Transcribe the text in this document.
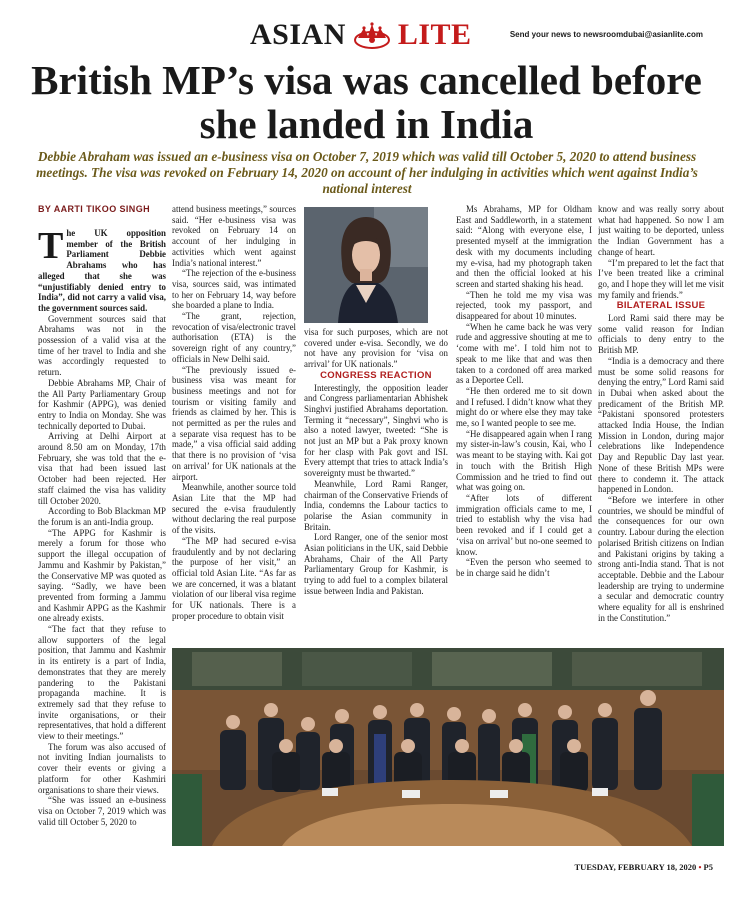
ASIAN LITE	Send your news to newsroomdubai@asianlite.com
British MP’s visa was cancelled before she landed in India

Debbie Abraham was issued an e-business visa on October 7, 2019 which was valid till October 5, 2020 to attend business meetings. The visa was revoked on February 14, 2020 on account of her indulging in activities which went against India’s national interest

BY AARTI TIKOO SINGH

The UK opposition member of the British Parliament Debbie Abrahams who has alleged that she was “unjustifiably denied entry to India”, did not carry a valid visa, the government sources said.

Government sources said that Abrahams was not in the possession of a valid visa at the time of her travel to India and she was accordingly requested to return.

Debbie Abrahams MP, Chair of the All Party Parliamentary Group for Kashmir (APPG), was denied entry to India on Monday. She was technically deported to Dubai.

Arriving at Delhi Airport at around 8.50 am on Monday, 17th February, she was told that the e-visa that had been issued last October had been rejected. Her staff claimed the visa has validity till October 2020.

According to Bob Blackman MP the forum is an anti-India group.

“The APPG for Kashmir is merely a forum for those who support the illegal occupation of Jammu and Kashmir by Pakistan,” the Conservative MP was quoted as saying. “Sadly, we have been prevented from forming a Jammu and Kashmir APPG as the Kashmir one already exists.

“The fact that they refuse to allow supporters of the legal position, that Jammu and Kashmir in its entirety is a part of India, demonstrates that they are merely pandering to the Pakistani propaganda machine. It is extremely sad that they refuse to invite organisations, or their representatives, that hold a different view to their meetings.”

The forum was also accused of not inviting Indian journalists to cover their events or giving a platform for other Kashmiri organisations to share their views.

“She was issued an e-business visa on October 7, 2019 which was valid till October 5, 2020 to

attend business meetings,” sources said. “Her e-business visa was revoked on February 14 on account of her indulging in activities which went against India’s national interest.”

“The rejection of the e-business visa, sources said, was intimated to her on February 14, way before she boarded a plane to India.

“The grant, rejection, revocation of visa/electronic travel authorisation (ETA) is the sovereign right of any country,” officials in New Delhi said.

“The previously issued e-business visa was meant for business meetings and not for tourism or visiting family and friends as claimed by her. This is not permitted as per the rules and a separate visa request has to be made,” a visa official said adding that there is no provision of ‘visa on arrival’ for UK nationals at the airport.

Meanwhile, another source told Asian Lite that the MP had secured the e-visa fraudulently without declaring the real purpose of the visits.

“The MP had secured e-visa fraudulently and by not declaring the purpose of her visit,” an official told Asian Lite. “As far as we are concerned, it was a blatant violation of our liberal visa regime for UK nationals. There is a proper procedure to obtain visit

visa for such purposes, which are not covered under e-visa. Secondly, we do not have any provision for ‘visa on arrival’ for UK nationals.”

CONGRESS REACTION

Interestingly, the opposition leader and Congress parliamentarian Abhishek Singhvi justified Abrahams deportation. Terming it “necessary”, Singhvi who is also a noted lawyer, tweeted: “She is not just an MP but a Pak proxy known for her clasp with Pak govt and ISI. Every attempt that tries to attack India’s sovereignty must be thwarted.”

Meanwhile, Lord Rami Ranger, chairman of the Conservative Friends of India, condemns the Labour tactics to polarise the Asian community in Britain.

Lord Ranger, one of the senior most Asian politicians in the UK, said Debbie Abrahams, Chair of the All Party Parliamentary Group for Kashmir, is trying to add fuel to a complex bilateral issue between India and Pakistan.

Ms Abrahams, MP for Oldham East and Saddleworth, in a statement said: “Along with everyone else, I presented myself at the immigration desk with my documents including my e-visa, had my photograph taken and then the official looked at his screen and started shaking his head.

“Then he told me my visa was rejected, took my passport, and disappeared for about 10 minutes.

“When he came back he was very rude and aggressive shouting at me to ‘come with me’. I told him not to speak to me like that and was then taken to a cordoned off area marked as a Deportee Cell.

“He then ordered me to sit down and I refused. I didn’t know what they might do or where else they may take me, so I wanted people to see me.

“He disappeared again when I rang my sister-in-law’s cousin, Kai, who I was meant to be staying with. Kai got in touch with the British High Commission and he tried to find out what was going on.

“After lots of different immigration officials came to me, I tried to establish why the visa had been revoked and if I could get a ‘visa on arrival’ but no-one seemed to know.

“Even the person who seemed to be in charge said he didn’t

know and was really sorry about what had happened. So now I am just waiting to be deported, unless the Indian Government has a change of heart.

“I’m prepared to let the fact that I’ve been treated like a criminal go, and I hope they will let me visit my family and friends.”

BILATERAL ISSUE

Lord Rami said there may be some valid reason for Indian officials to deny entry to the British MP.

“India is a democracy and there must be some solid reasons for denying the entry,” Lord Rami said in Dubai when asked about the predicament of the British MP. “Pakistani sponsored protesters attacked India House, the Indian Mission in London, during major celebrations like Independence Day and Republic Day last year. None of these British MPs were there to condemn it. The attack happened in London.

“Before we interfere in other countries, we should be mindful of the consequences for our own country. Labour during the election polarised British citizens on Indian and Pakistani origins by taking a strong anti-India stand. That is not acceptable. Debbie and the Labour leadership are trying to undermine a secular and democratic country where equality for all is enshrined in the Constitution.”

TUESDAY, FEBRUARY 18, 2020 • P5
